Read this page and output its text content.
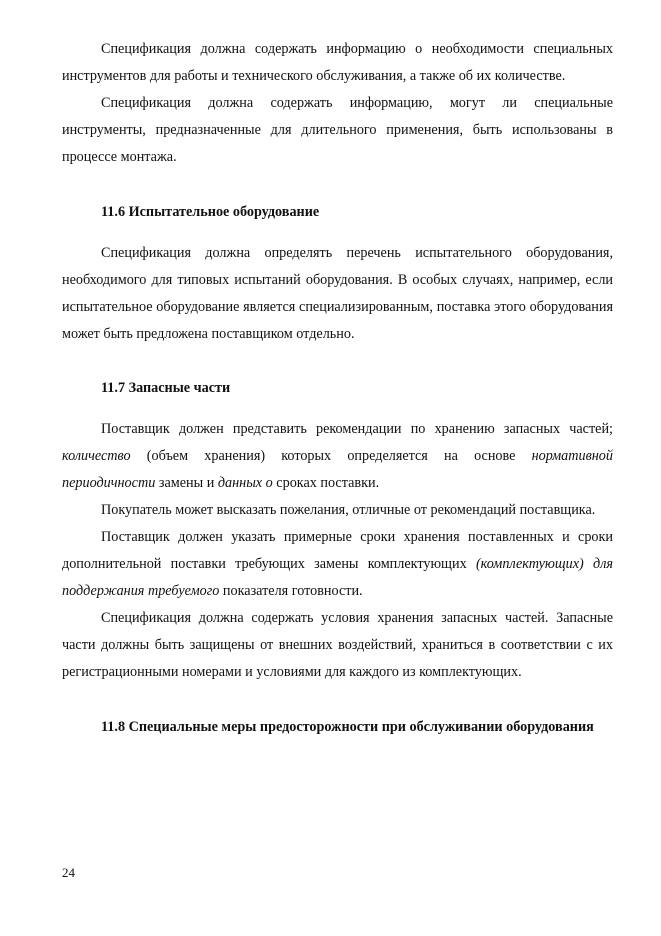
Спецификация должна содержать информацию о необходимости специальных инструментов для работы и технического обслуживания, а также об их количестве.

Спецификация должна содержать информацию, могут ли специальные инструменты, предназначенные для длительного применения, быть использованы в процессе монтажа.

11.6 Испытательное оборудование

Спецификация должна определять перечень испытательного оборудования, необходимого для типовых испытаний оборудования. В особых случаях, например, если испытательное оборудование является специализированным, поставка этого оборудования может быть предложена поставщиком отдельно.

11.7 Запасные части

Поставщик должен представить рекомендации по хранению запасных частей; количество (объем хранения) которых определяется на основе нормативной периодичности замены и данных о сроках поставки.

Покупатель может высказать пожелания, отличные от рекомендаций поставщика.

Поставщик должен указать примерные сроки хранения поставленных и сроки дополнительной поставки требующих замены комплектующих (комплектующих) для поддержания требуемого показателя готовности.

Спецификация должна содержать условия хранения запасных частей. Запасные части должны быть защищены от внешних воздействий, храниться в соответствии с их регистрационными номерами и условиями для каждого из комплектующих.

11.8 Специальные меры предосторожности при обслуживании оборудования
24
